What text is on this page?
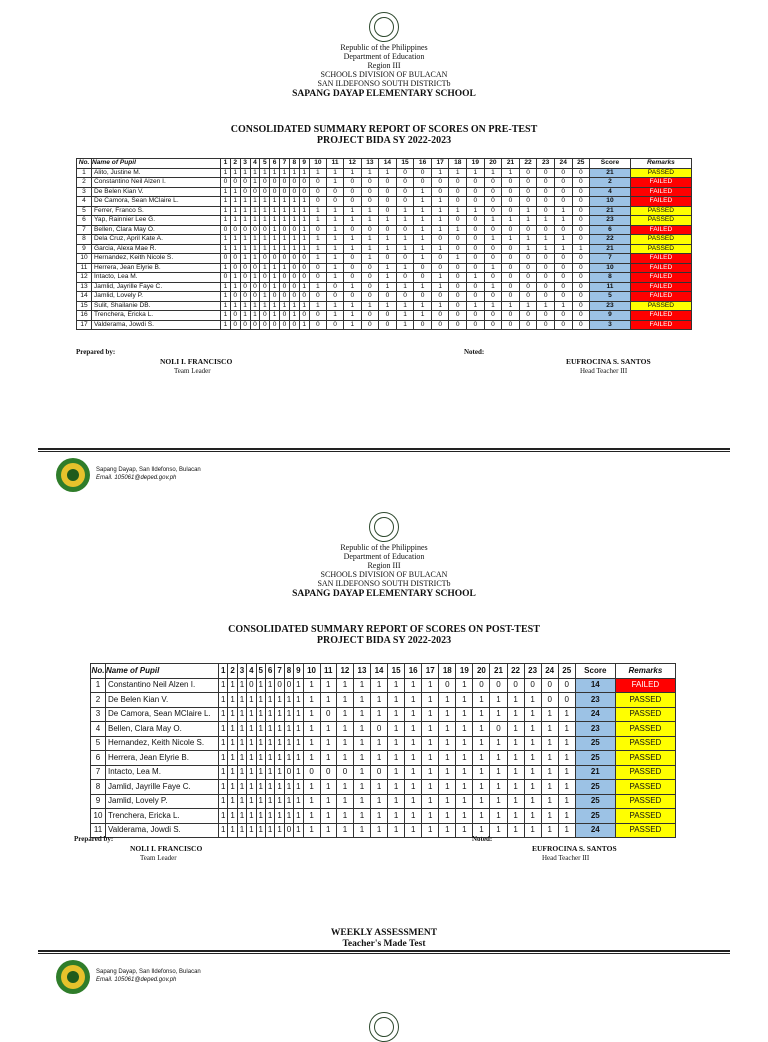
Republic of the Philippines
Department of Education
Region III
SCHOOLS DIVISION OF BULACAN
SAN ILDEFONSO SOUTH DISTRICTb
SAPANG DAYAP ELEMENTARY SCHOOL
CONSOLIDATED SUMMARY REPORT OF SCORES ON PRE-TEST
PROJECT BIDA SY 2022-2023
No.	Name of Pupil	1	2	3	4	5	6	7	8	9	10	11	12	13	14	15	16	17	18	19	20	21	22	23	24	25	Score	Remarks
1	Alito, Justine M.	1	1	1	1	1	1	1	1	1	1	1	1	1	1	0	0	1	1	1	1	1	0	0	0	0	21	PASSED
2	Constantino Neil Alzen I.	0	0	0	1	0	0	0	0	0	0	1	0	0	0	0	0	0	0	0	0	0	0	0	0	0	2	FAILED
3	De Belen Kian V.	1	1	0	0	0	0	0	0	0	0	0	0	0	0	0	1	0	0	0	0	0	0	0	0	0	4	FAILED
4	De Camora, Sean MClaire L.	1	1	1	1	1	1	1	1	1	0	0	0	0	0	0	1	1	0	0	0	0	0	0	0	0	10	FAILED
5	Ferrer, Franco S.	1	1	1	1	1	1	1	1	1	1	1	1	1	0	1	1	1	1	1	0	0	1	0	1	0	21	PASSED
6	Yap, Rainnier Lee G.	1	1	1	1	1	1	1	1	1	1	1	1	1	1	1	1	1	0	0	1	1	1	1	1	0	23	PASSED
7	Bellen, Clara May O.	0	0	0	0	0	1	0	0	1	0	1	0	0	0	0	1	1	1	0	0	0	0	0	0	0	6	FAILED
8	Dela Cruz, April Kate A.	1	1	1	1	1	1	1	1	1	1	1	1	1	1	1	1	0	0	0	1	1	1	1	1	0	22	PASSED
9	Garcia, Alexa Mae R.	1	1	1	1	1	1	1	1	1	1	1	1	1	1	1	1	1	0	0	0	0	1	1	1	1	21	PASSED
10	Hernandez, Keith Nicole S.	0	0	1	1	0	0	0	0	0	1	1	0	1	0	0	1	0	1	0	0	0	0	0	0	0	7	FAILED
11	Herrera, Jean Elyrie B.	1	0	0	0	1	1	1	0	0	0	1	0	0	1	1	0	0	0	0	1	0	0	0	0	0	10	FAILED
12	Intacto, Lea M.	0	1	0	1	0	1	0	0	0	0	1	0	0	1	0	0	1	0	1	0	0	0	0	0	0	8	FAILED
13	Jamlid, Jayrille Faye C.	1	1	0	0	0	1	0	0	1	1	0	1	0	1	1	1	1	0	0	1	0	0	0	0	0	11	FAILED
14	Jamlid, Lovely P.	1	0	0	0	1	0	0	0	0	0	0	0	0	0	0	0	0	0	0	0	0	0	0	0	0	5	FAILED
15	Sulit, Shailanie DB.	1	1	1	1	1	1	1	1	1	1	1	1	1	1	1	1	1	0	1	1	1	1	1	1	0	23	PASSED
16	Trenchera, Ericka L.	1	0	1	1	0	1	0	1	0	0	1	1	0	0	1	1	0	0	0	0	0	0	0	0	0	9	FAILED
17	Valderama, Jowdi S.	1	0	0	0	0	0	0	0	1	0	0	1	0	0	1	0	0	0	0	0	0	0	0	0	0	3	FAILED
Prepared by:
NOLI I. FRANCISCO
Team Leader
Noted:
EUFROCINA S. SANTOS
Head Teacher III
Sapang Dayap, San Ildefonso, Bulacan
Email. 105061@deped.gov.ph
Republic of the Philippines
Department of Education
Region III
SCHOOLS DIVISION OF BULACAN
SAN ILDEFONSO SOUTH DISTRICTb
SAPANG DAYAP ELEMENTARY SCHOOL
CONSOLIDATED SUMMARY REPORT OF SCORES ON POST-TEST
PROJECT BIDA SY 2022-2023
No.	Name of Pupil	1	2	3	4	5	6	7	8	9	10	11	12	13	14	15	16	17	18	19	20	21	22	23	24	25	Score	Remarks
1	Constantino Neil Alzen I.	1	1	1	0	1	1	0	0	1	1	1	1	1	1	1	1	1	0	1	0	0	0	0	0	0	14	FAILED
2	De Belen Kian V.	1	1	1	1	1	1	1	1	1	1	1	1	1	1	1	1	1	1	1	1	1	1	1	0	0	23	PASSED
3	De Camora, Sean MClaire L.	1	1	1	1	1	1	1	1	1	1	0	1	1	1	1	1	1	1	1	1	1	1	1	1	1	24	PASSED
4	Bellen, Clara May O.	1	1	1	1	1	1	1	1	1	1	1	1	1	0	1	1	1	1	1	1	0	1	1	1	1	23	PASSED
5	Hernandez, Keith Nicole S.	1	1	1	1	1	1	1	1	1	1	1	1	1	1	1	1	1	1	1	1	1	1	1	1	1	25	PASSED
6	Herrera, Jean Elyrie B.	1	1	1	1	1	1	1	1	1	1	1	1	1	1	1	1	1	1	1	1	1	1	1	1	1	25	PASSED
7	Intacto, Lea M.	1	1	1	1	1	1	1	0	1	0	0	0	1	0	1	1	1	1	1	1	1	1	1	1	1	21	PASSED
8	Jamlid, Jayrille Faye C.	1	1	1	1	1	1	1	1	1	1	1	1	1	1	1	1	1	1	1	1	1	1	1	1	1	25	PASSED
9	Jamlid, Lovely P.	1	1	1	1	1	1	1	1	1	1	1	1	1	1	1	1	1	1	1	1	1	1	1	1	1	25	PASSED
10	Trenchera, Ericka L.	1	1	1	1	1	1	1	1	1	1	1	1	1	1	1	1	1	1	1	1	1	1	1	1	1	25	PASSED
11	Valderama, Jowdi S.	1	1	1	1	1	1	1	0	1	1	1	1	1	1	1	1	1	1	1	1	1	1	1	1	1	24	PASSED
Prepared by:
NOLI I. FRANCISCO
Team Leader
Noted:
EUFROCINA S. SANTOS
Head Teacher III
WEEKLY ASSESSMENT
Teacher's Made Test
Sapang Dayap, San Ildefonso, Bulacan
Email. 105061@deped.gov.ph
